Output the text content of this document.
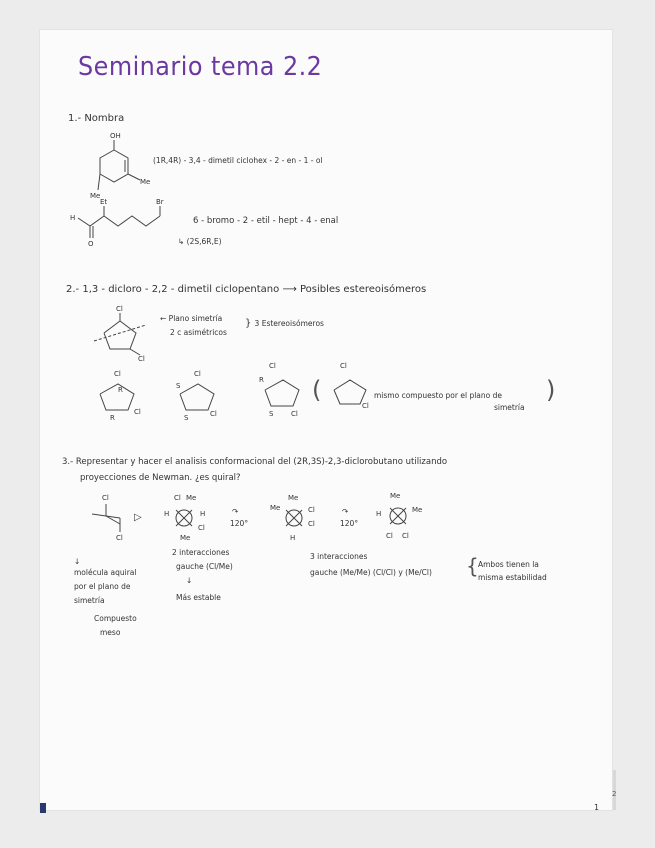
Seminario tema 2.2
1.- Nombra
OH
Me
Me
(1R,4R) - 3,4 - dimetil ciclohex - 2 - en - 1 - ol
H
O
Et	Br
6 - bromo - 2 - etil - hept - 4 - enal
↳ (2S,6R,E)
2.- 1,3 - dicloro - 2,2 - dimetil ciclopentano ⟶ Posibles estereoisómeros
Cl
Cl
← Plano simetría
2 c asimétricos
} 3 Estereoisómeros
Cl
R
R
Cl
Cl
S
S	Cl
Cl
R
S	Cl
(
Cl
Cl
mismo compuesto por el plano de
simetría
)
3.- Representar y hacer el analisis conformacional del (2R,3S)-2,3-diclorobutano utilizando
proyecciones de Newman. ¿es quiral?
Cl
Cl
▷
Cl Me
H	H
Cl
Me
120°
↷
Me
Me	Cl
Cl
H
120°
↷
Me
Me
H
Cl Cl
↓
molécula aquiral
por el plano de
simetría
Compuesto
meso
2 interacciones
gauche (Cl/Me)
↓
Más estable
3 interacciones
gauche (Me/Me) (Cl/Cl) y (Me/Cl) { Ambos tienen la
misma estabilidad
1
2
